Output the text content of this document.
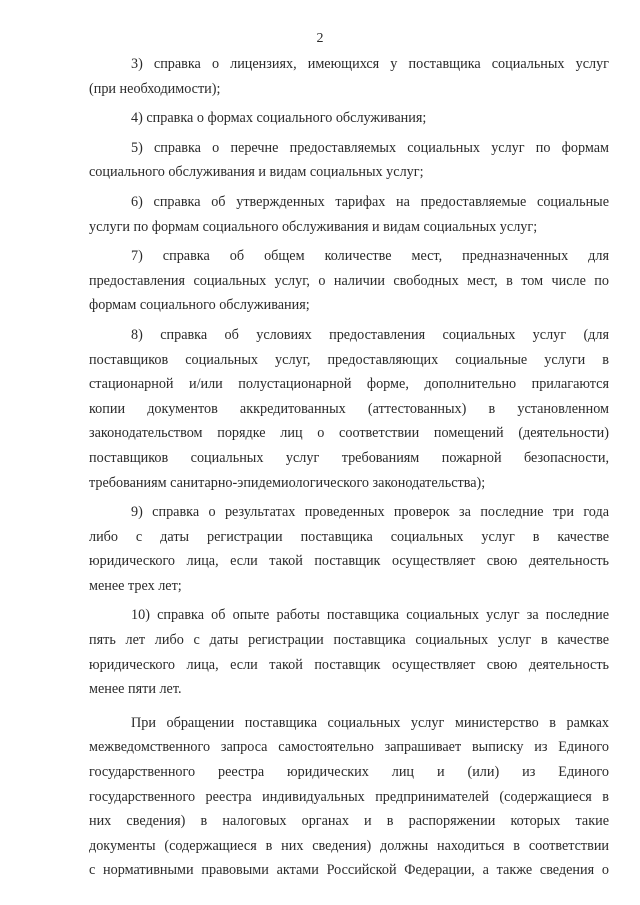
2
3) справка о лицензиях, имеющихся у поставщика социальных услуг
(при необходимости);
4) справка о формах социального обслуживания;
5) справка о перечне предоставляемых социальных услуг по формам
социального обслуживания и видам социальных услуг;
6) справка об утвержденных тарифах на предоставляемые социальные
услуги по формам социального обслуживания и видам социальных услуг;
7) справка об общем количестве мест, предназначенных для
предоставления социальных услуг, о наличии свободных мест, в том числе по
формам социального обслуживания;
8) справка об условиях предоставления социальных услуг (для
поставщиков социальных услуг, предоставляющих социальные услуги в
стационарной и/или полустационарной форме, дополнительно прилагаются
копии документов аккредитованных (аттестованных) в установленном
законодательством порядке лиц о соответствии помещений (деятельности)
поставщиков социальных услуг требованиям пожарной безопасности,
требованиям санитарно-эпидемиологического законодательства);
9) справка о результатах проведенных проверок за последние три года
либо с даты регистрации поставщика социальных услуг в качестве
юридического лица, если такой поставщик осуществляет свою деятельность
менее трех лет;
10) справка об опыте работы поставщика социальных услуг за последние
пять лет либо с даты регистрации поставщика социальных услуг в качестве
юридического лица, если такой поставщик осуществляет свою деятельность
менее пяти лет.
При обращении поставщика социальных услуг министерство в рамках
межведомственного запроса самостоятельно запрашивает выписку из Единого
государственного реестра юридических лиц и (или) из Единого
государственного реестра индивидуальных предпринимателей (содержащиеся в
них сведения) в налоговых органах и в распоряжении которых такие
документы (содержащиеся в них сведения) должны находиться в соответствии
с нормативными правовыми актами Российской Федерации, а также сведения о
